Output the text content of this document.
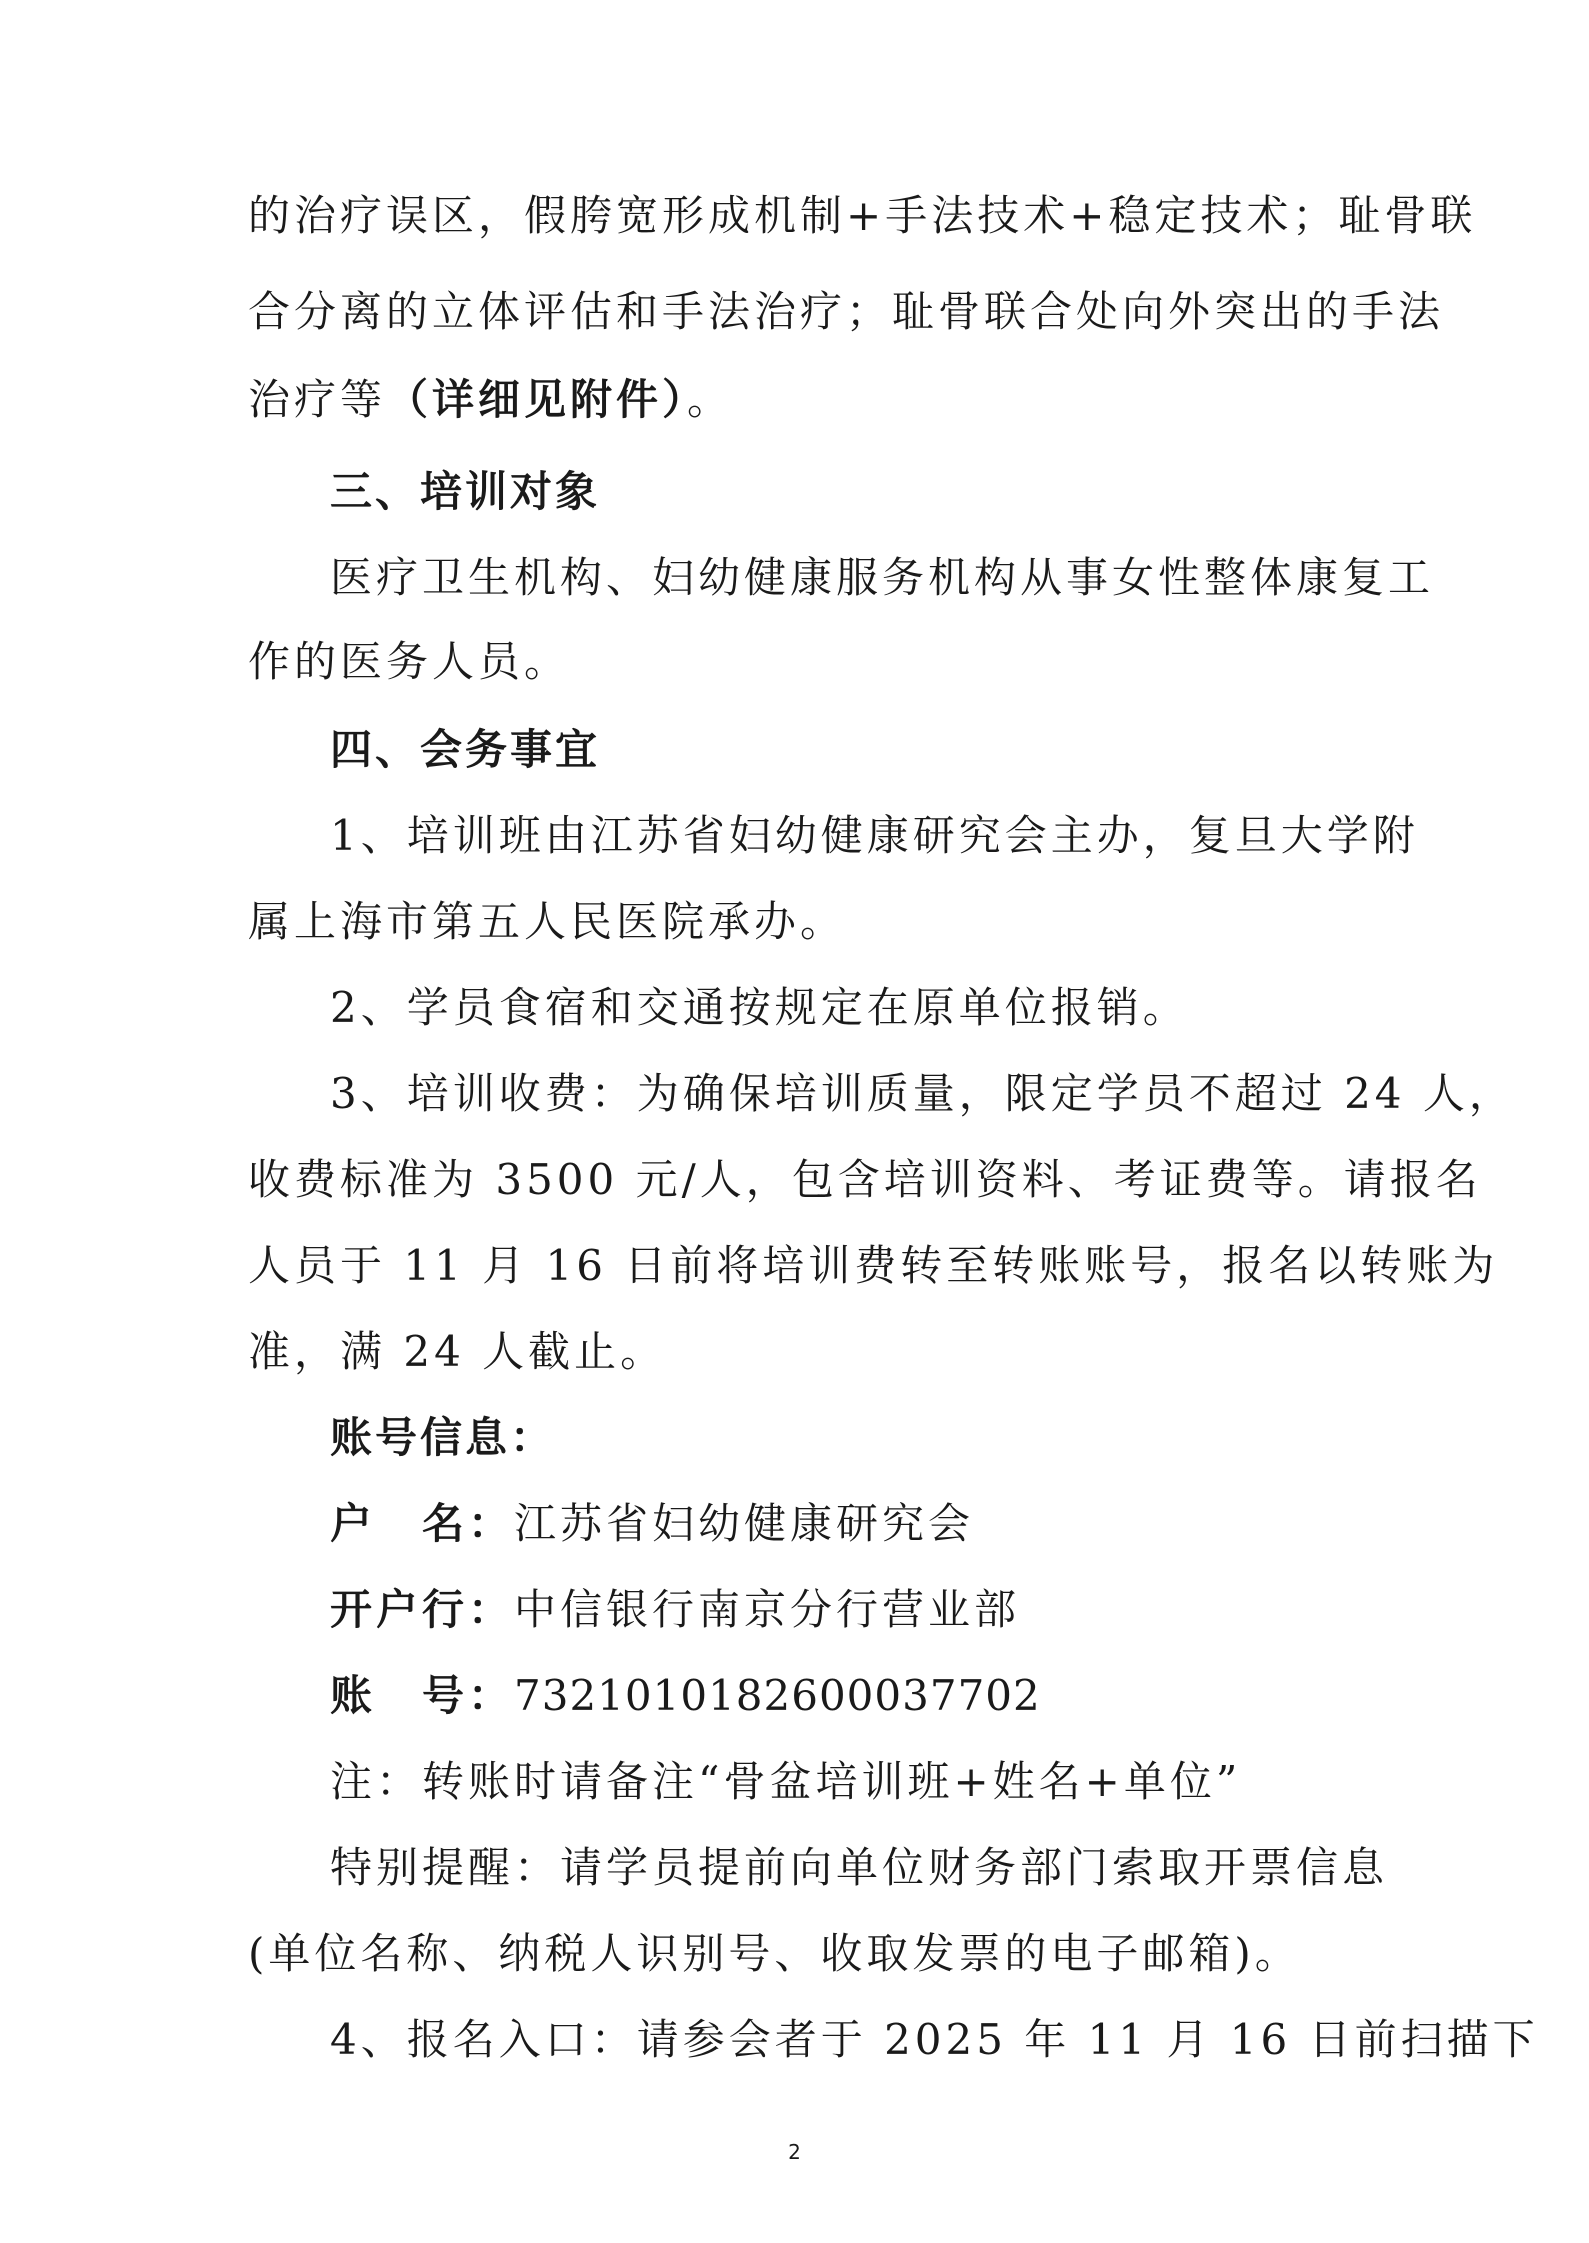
的治疗误区，假胯宽形成机制+手法技术+稳定技术；耻骨联
合分离的立体评估和手法治疗；耻骨联合处向外突出的手法
治疗等（详细见附件）。
三、培训对象
医疗卫生机构、妇幼健康服务机构从事女性整体康复工
作的医务人员。
四、会务事宜
1、培训班由江苏省妇幼健康研究会主办，复旦大学附
属上海市第五人民医院承办。
2、学员食宿和交通按规定在原单位报销。
3、培训收费：为确保培训质量，限定学员不超过 24 人，
收费标准为 3500 元/人，包含培训资料、考证费等。请报名
人员于 11 月 16 日前将培训费转至转账账号，报名以转账为
准，满 24 人截止。
账号信息：
户　名：江苏省妇幼健康研究会
开户行：中信银行南京分行营业部
账　号：7321010182600037702
注：转账时请备注“骨盆培训班+姓名+单位”
特别提醒：请学员提前向单位财务部门索取开票信息
(单位名称、纳税人识别号、收取发票的电子邮箱)。
4、报名入口：请参会者于 2025 年 11 月 16 日前扫描下
2
